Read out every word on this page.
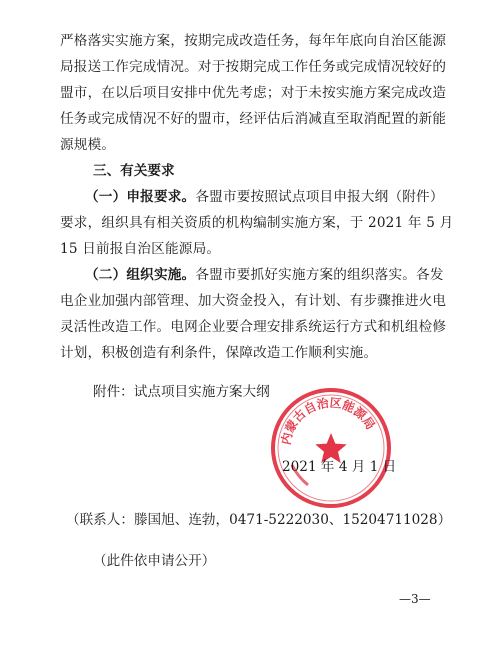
严格落实实施方案，按期完成改造任务，每年年底向自治区能源
局报送工作完成情况。对于按期完成工作任务或完成情况较好的
盟市，在以后项目安排中优先考虑；对于未按实施方案完成改造
任务或完成情况不好的盟市，经评估后消减直至取消配置的新能
源规模。
三、有关要求
（一）申报要求。各盟市要按照试点项目申报大纲（附件）
要求，组织具有相关资质的机构编制实施方案，于 2021 年 5 月
15 日前报自治区能源局。
（二）组织实施。各盟市要抓好实施方案的组织落实。各发
电企业加强内部管理、加大资金投入，有计划、有步骤推进火电
灵活性改造工作。电网企业要合理安排系统运行方式和机组检修
计划，积极创造有利条件，保障改造工作顺利实施。
附件：试点项目实施方案大纲
内蒙古自治区能源局
2021 年 4 月 1 日
（联系人：滕国旭、连勃，0471-5222030、15204711028）
（此件依申请公开）
—3—
